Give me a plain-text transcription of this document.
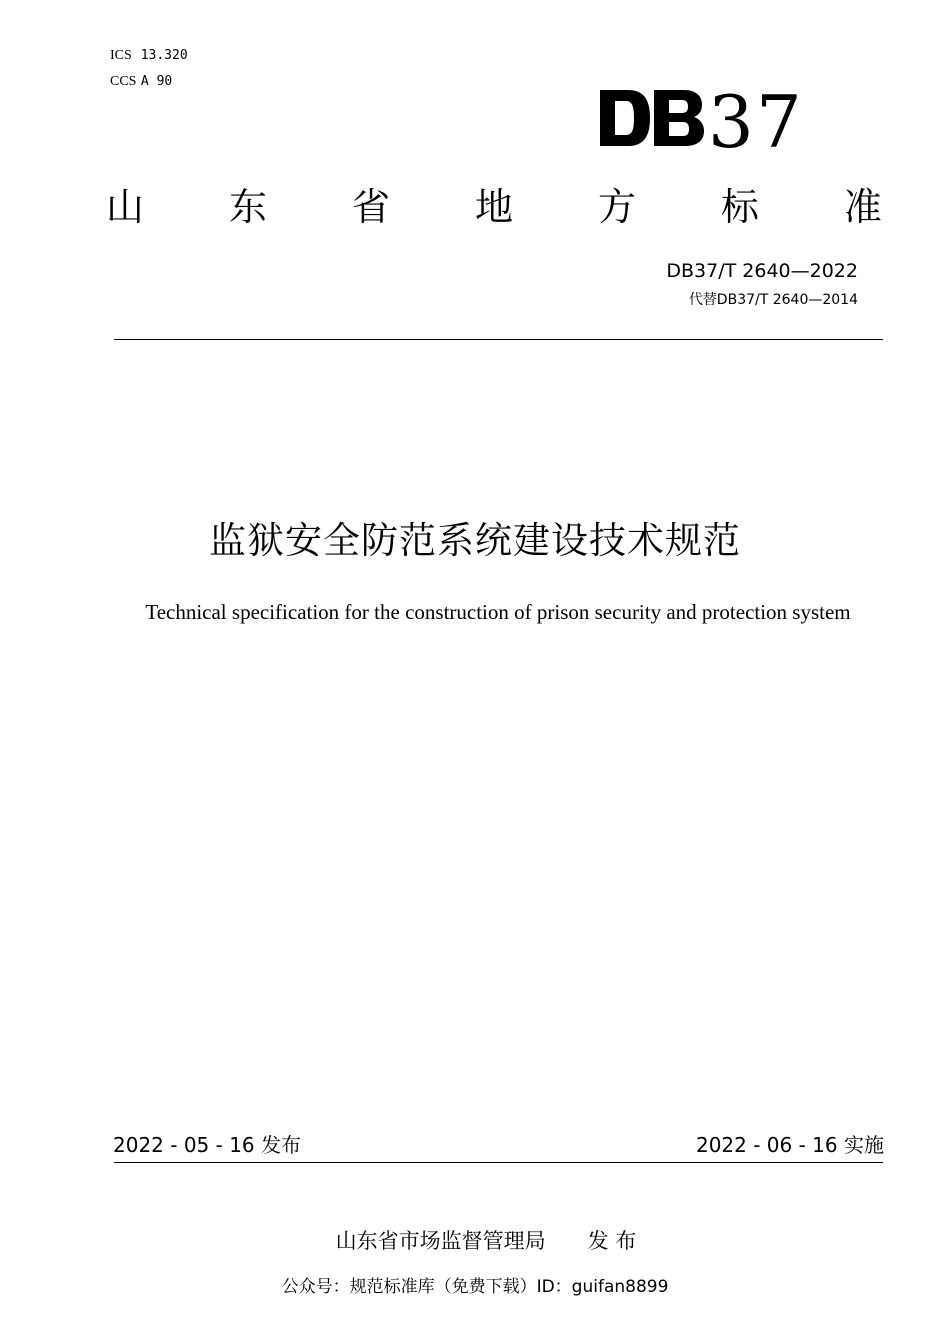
ICS 13.320
CCS A 90	3 7
山 东 省 地 方 标 准
DB37/T 2640—2022
代替DB37/T 2640—2014
监狱安全防范系统建设技术规范
Technical specification for the construction of prison security and protection system
2022 - 05 - 16 发布	2022 - 06 - 16 实施
山东省市场监督管理局　　发 布
公众号：规范标准库（免费下载）ID：guifan8899
